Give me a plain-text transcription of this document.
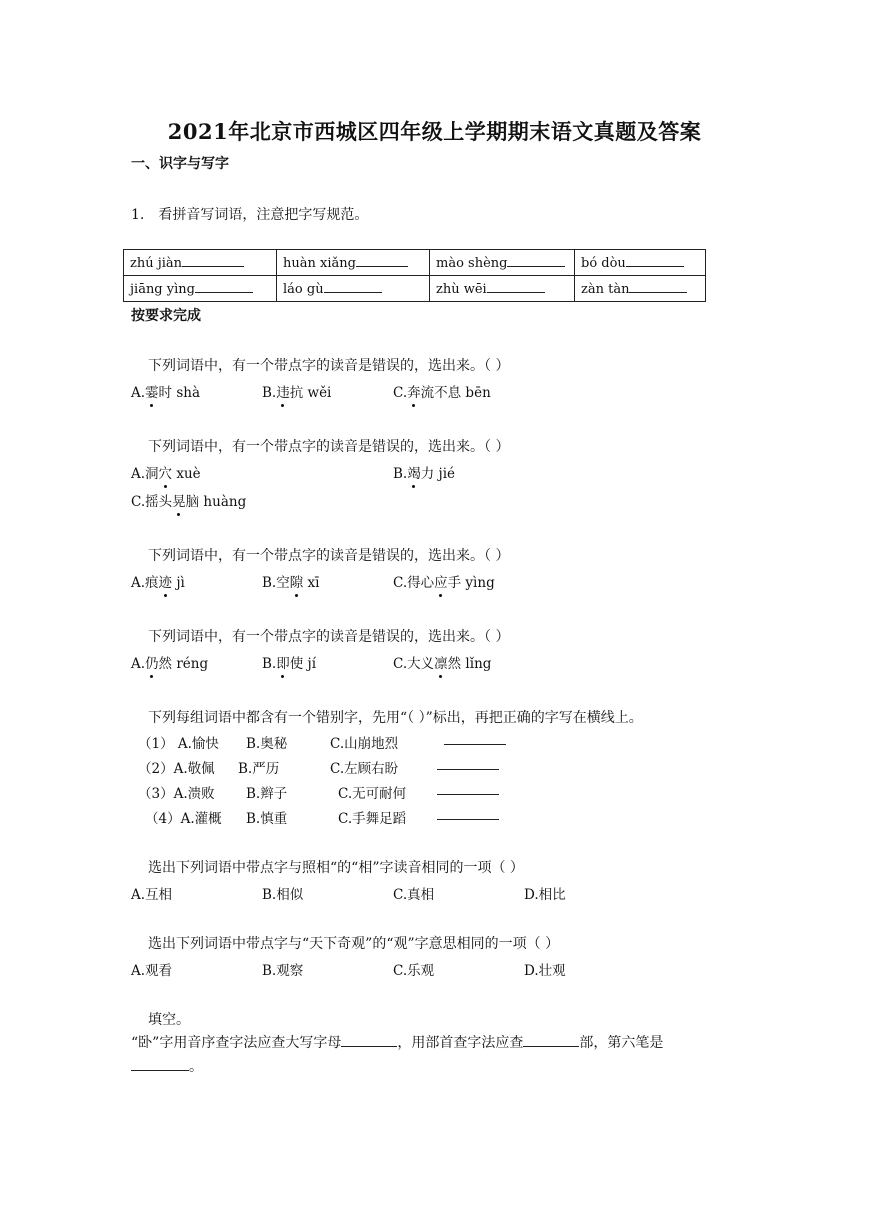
2021年北京市西城区四年级上学期期末语文真题及答案
一、识字与写字
1.　看拼音写词语，注意把字写规范。
zhú jiàn	huàn xiǎng	mào shèng	bó dòu
jiāng yìng	láo gù	zhù wēi	zàn tàn
按要求完成
下列词语中，有一个带点字的读音是错误的，选出来。（ ）
A.霎时 shà	B.违抗 wěi	C.奔流不息 bēn
下列词语中，有一个带点字的读音是错误的，选出来。（ ）
A.洞穴 xuè	B.竭力 jié
C.摇头晃脑 huàng
下列词语中，有一个带点字的读音是错误的，选出来。（ ）
A.痕迹 jì	B.空隙 xī	C.得心应手 yìng
下列词语中，有一个带点字的读音是错误的，选出来。（ ）
A.仍然 réng	B.即使 jí	C.大义凛然 lǐng
下列每组词语中都含有一个错别字，先用“（ ）”标出，再把正确的字写在横线上。
（1） A.愉快 B.奥秘	C.山崩地烈
（2）A.敬佩 B.严历	C.左顾右盼
（3）A.溃败 B.辫子	C.无可耐何
（4）A.灌概 B.慎重	C.手舞足蹈
选出下列词语中带点字与照相“的“相”字读音相同的一项（ ）
A.互相	B.相似	C.真相	D.相比
选出下列词语中带点字与“天下奇观”的“观”字意思相同的一项（ ）
A.观看	B.观察	C.乐观	D.壮观
填空。
“卧”字用音序查字法应查大写字母	，用部首查字法应查	部，第六笔是
。
